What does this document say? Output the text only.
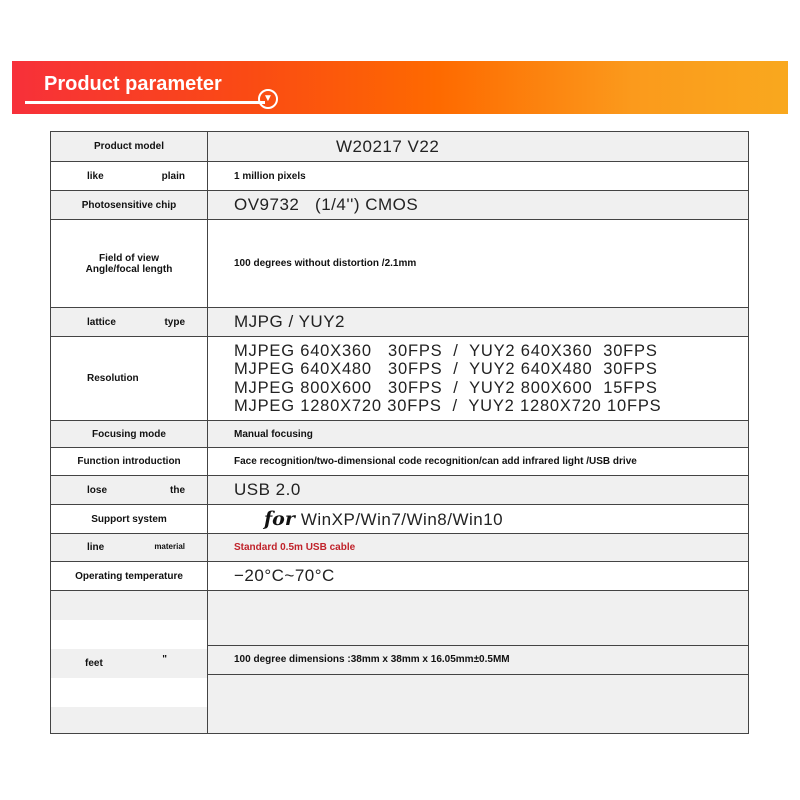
Product parameter
▼
Product model	W20217 V22

like plain	1 million pixels

Photosensitive chip	OV9732   (1/4'') CMOS

Field of view
Angle/focal length	100 degrees without distortion /2.1mm

lattice type	MJPG / YUY2

Resolution	MJPEG 640X360   30FPS  /  YUY2 640X360  30FPS
MJPEG 640X480   30FPS  /  YUY2 640X480  30FPS
MJPEG 800X600   30FPS  /  YUY2 800X600  15FPS
MJPEG 1280X720 30FPS  /  YUY2 1280X720 10FPS

Focusing mode	Manual focusing

Function introduction	Face recognition/two-dimensional code recognition/can add infrared light /USB drive

lose the	USB 2.0

Support system	for WinXP/Win7/Win8/Win10

line material	Standard 0.5m USB cable

Operating temperature	−20°C~70°C

feet "	100 degree dimensions :38mm x 38mm x 16.05mm±0.5MM
